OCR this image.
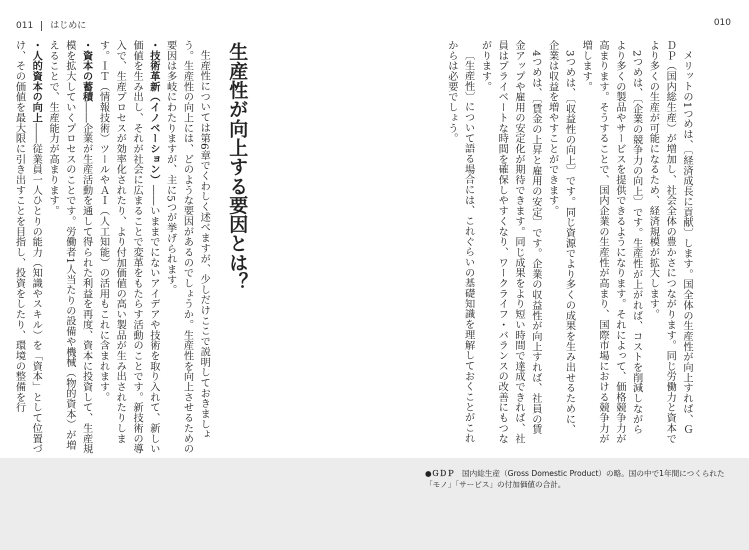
011 はじめに	010
生産性が向上する要因とは？

生産性については第6章でくわしく述べますが、少しだけここで説明しておきましょう。生産性の向上には、どのような要因があるのでしょうか。生産性を向上させるための要因は多岐にわたりますが、主に5つが挙げられます。

・技術革新（イノベーション）――いままでにないアイデアや技術を取り入れて、新しい価値を生み出し、それが社会に広まることで変革をもたらす活動のことです。新技術の導入で、生産プロセスが効率化されたり、より付加価値の高い製品が生み出されたりします。ＩＴ（情報技術）ツールやＡＩ（人工知能）の活用もこれに含まれます。

・資本の蓄積――企業が生産活動を通して得られた利益を再度、資本に投資して、生産規模を拡大していくプロセスのことです。労働者1人当たりの設備や機械（物的資本）が増えることで、生産能力が高まります。

・人的資本の向上――従業員一人ひとりの能力（知識やスキル）を「資本」として位置づけ、その価値を最大限に引き出すことを目指し、投資をしたり、環境の整備を行	メリットの1つめは、〔経済成長に貢献〕します。国全体の生産性が向上すれば、ＧＤＰ（国内総生産）が増加し、社会全体の豊かさにつながります。同じ労働力と資本でより多くの生産が可能になるため、経済規模が拡大します。

2つめは、〔企業の競争力の向上〕です。生産性が上がれば、コストを削減しながらより多くの製品やサービスを提供できるようになります。それによって、価格競争力が高まります。そうすることで、国内企業の生産性が高まり、国際市場における競争力が増します。

3つめは、〔収益性の向上〕です。同じ資源でより多くの成果を生み出せるために、企業は収益を増やすことができます。

4つめは、〔賃金の上昇と雇用の安定〕です。企業の収益性が向上すれば、社員の賃金アップや雇用の安定化が期待できます。同じ成果をより短い時間で達成できれば、社員はプライベートな時間を確保しやすくなり、ワークライフ・バランスの改善にもつながります。

〔生産性〕について語る場合には、これぐらいの基礎知識を理解しておくことがこれからは必要でしょう。

●ＧＤＰ　国内総生産（Gross Domestic Product）の略。国の中で1年間につくられた「モノ」「サービス」の付加価値の合計。
